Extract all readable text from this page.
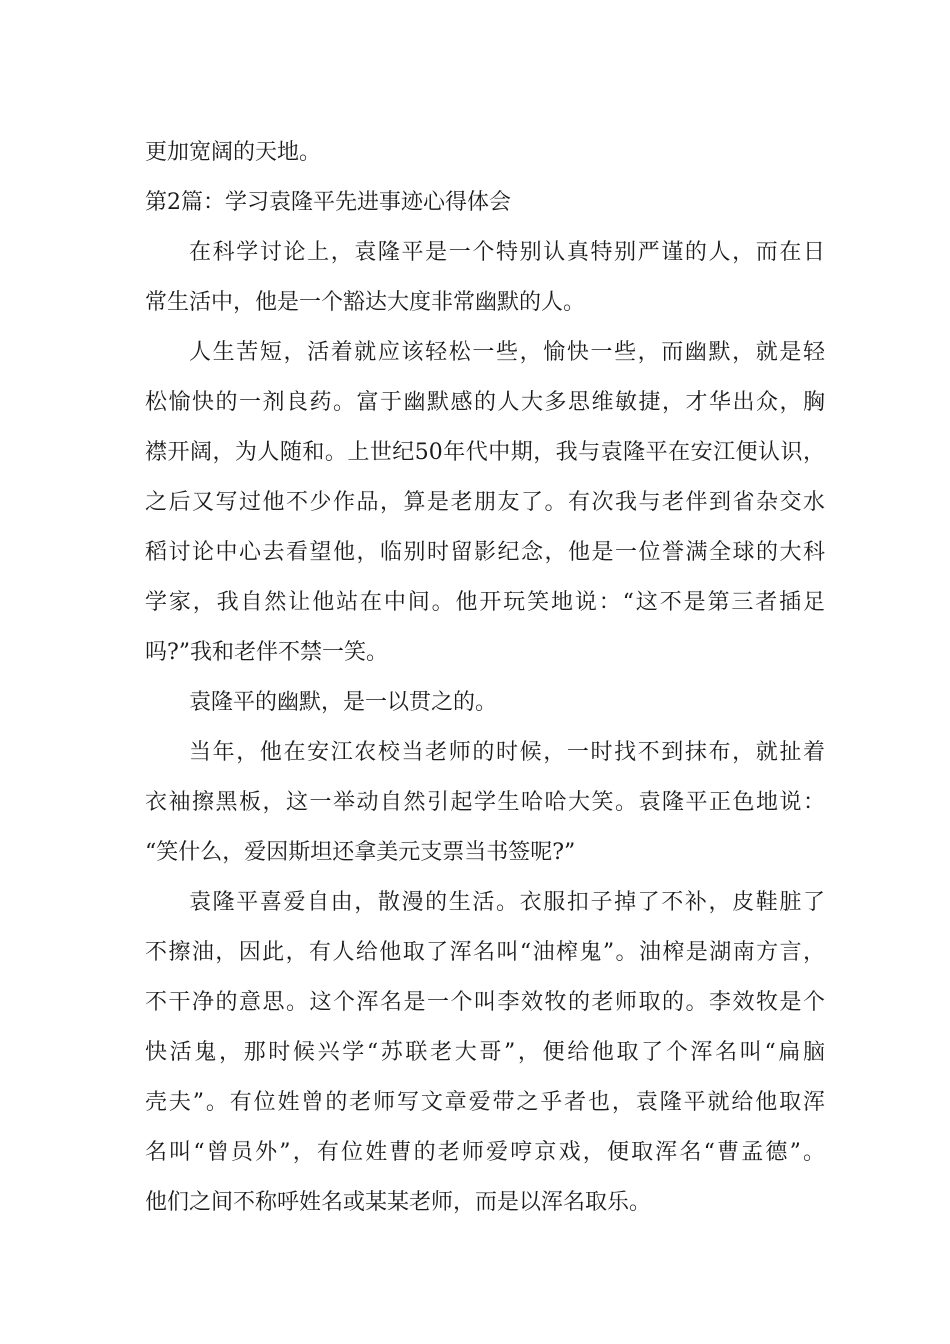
更加宽阔的天地。
第2篇：学习袁隆平先进事迹心得体会
在科学讨论上，袁隆平是一个特别认真特别严谨的人，而在日
常生活中，他是一个豁达大度非常幽默的人。
人生苦短，活着就应该轻松一些，愉快一些，而幽默，就是轻
松愉快的一剂良药。富于幽默感的人大多思维敏捷，才华出众，胸
襟开阔，为人随和。上世纪50年代中期，我与袁隆平在安江便认识，
之后又写过他不少作品，算是老朋友了。有次我与老伴到省杂交水
稻讨论中心去看望他，临别时留影纪念，他是一位誉满全球的大科
学家，我自然让他站在中间。他开玩笑地说：“这不是第三者插足
吗?”我和老伴不禁一笑。
袁隆平的幽默，是一以贯之的。
当年，他在安江农校当老师的时候，一时找不到抹布，就扯着
衣袖擦黑板，这一举动自然引起学生哈哈大笑。袁隆平正色地说：
“笑什么，爱因斯坦还拿美元支票当书签呢?”
袁隆平喜爱自由，散漫的生活。衣服扣子掉了不补，皮鞋脏了
不擦油，因此，有人给他取了浑名叫“油榨鬼”。油榨是湖南方言，
不干净的意思。这个浑名是一个叫李效牧的老师取的。李效牧是个
快活鬼，那时候兴学“苏联老大哥”，便给他取了个浑名叫“扁脑
壳夫”。有位姓曾的老师写文章爱带之乎者也，袁隆平就给他取浑
名叫“曾员外”，有位姓曹的老师爱哼京戏，便取浑名“曹孟德”。
他们之间不称呼姓名或某某老师，而是以浑名取乐。
